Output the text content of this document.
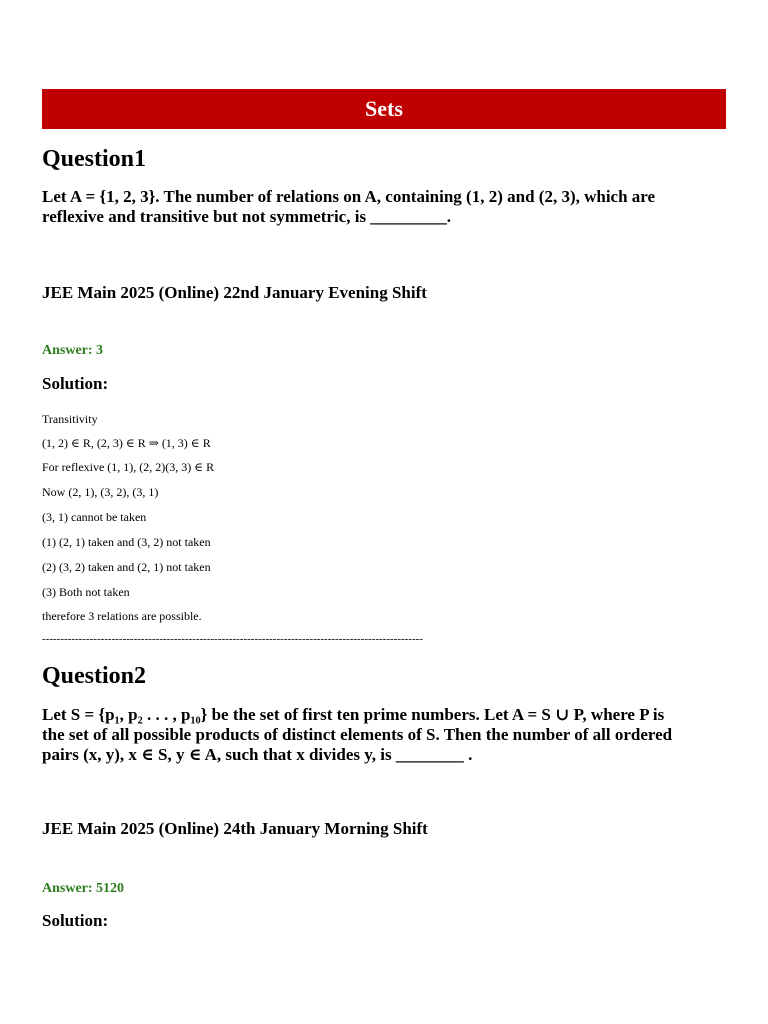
Sets
Question1
Let A = {1, 2, 3}. The number of relations on A, containing (1, 2) and (2, 3), which are
reflexive and transitive but not symmetric, is _________.
JEE Main 2025 (Online) 22nd January Evening Shift
Answer: 3
Solution:
Transitivity
(1, 2) ∈ R, (2, 3) ∈ R ⇒ (1, 3) ∈ R
For reflexive (1, 1), (2, 2)(3, 3) ∈ R
Now (2, 1), (3, 2), (3, 1)
(3, 1) cannot be taken
(1) (2, 1) taken and (3, 2) not taken
(2) (3, 2) taken and (2, 1) not taken
(3) Both not taken
therefore 3 relations are possible.
--------------------------------------------------------------------------------------------------------
Question2
Let S = {p₁, p₂ . . . , p₁₀} be the set of first ten prime numbers. Let A = S ∪ P, where P is
the set of all possible products of distinct elements of S. Then the number of all ordered
pairs (x, y), x ∈ S, y ∈ A, such that x divides y, is ________ .
JEE Main 2025 (Online) 24th January Morning Shift
Answer: 5120
Solution:
